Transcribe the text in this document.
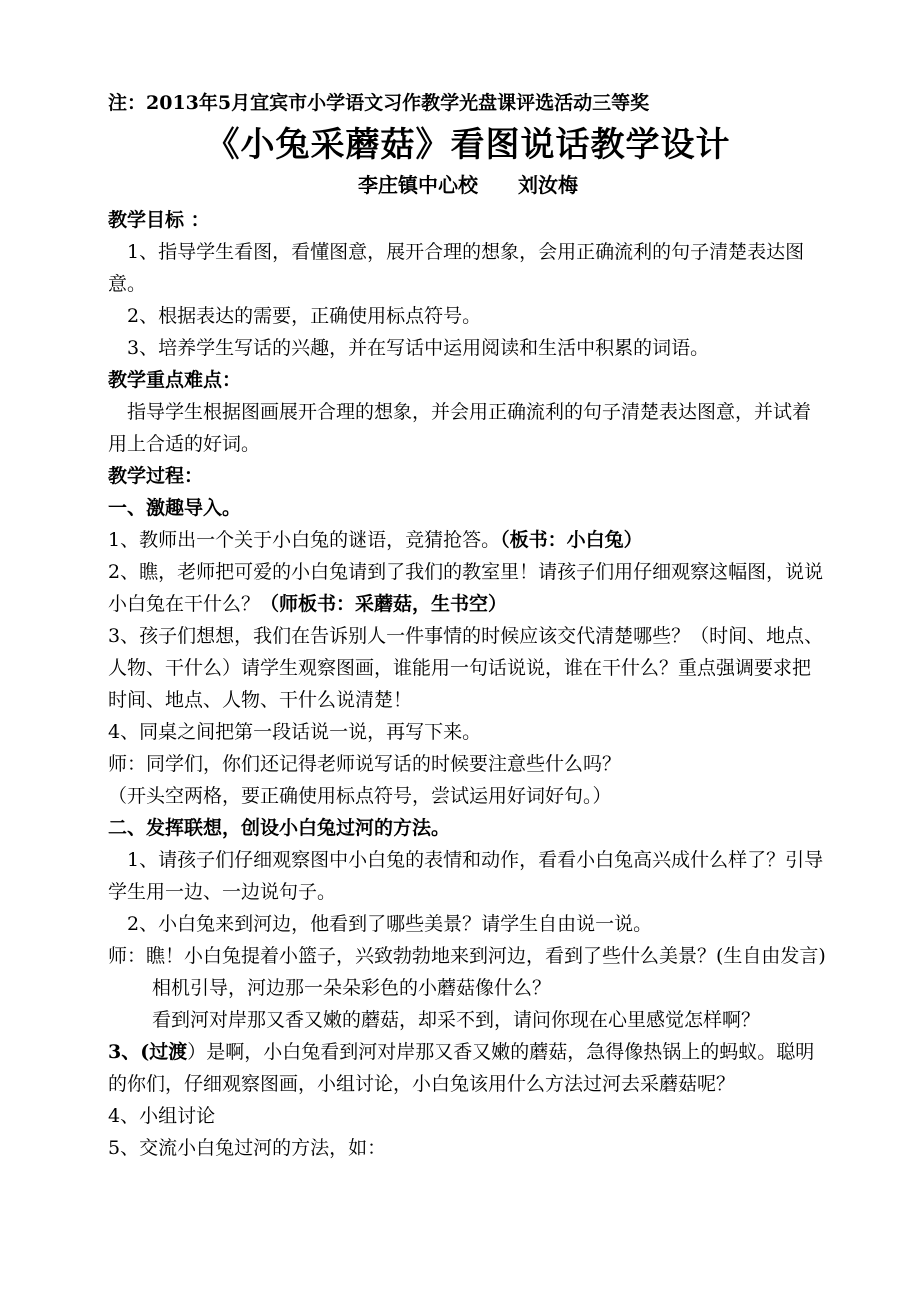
注：2013年5月宜宾市小学语文习作教学光盘课评选活动三等奖

《小兔采蘑菇》看图说话教学设计

李庄镇中心校 刘汝梅

教学目标 ：

1、指导学生看图，看懂图意，展开合理的想象，会用正确流利的句子清楚表达图意。

2、根据表达的需要，正确使用标点符号。

3、培养学生写话的兴趣，并在写话中运用阅读和生活中积累的词语。

教学重点难点：

指导学生根据图画展开合理的想象，并会用正确流利的句子清楚表达图意，并试着用上合适的好词。

教学过程：

一、激趣导入。

1、教师出一个关于小白兔的谜语，竞猜抢答。（板书：小白兔）

2、瞧，老师把可爱的小白兔请到了我们的教室里！请孩子们用仔细观察这幅图，说说小白兔在干什么？（师板书：采蘑菇，生书空）

3、孩子们想想，我们在告诉别人一件事情的时候应该交代清楚哪些？（时间、地点、人物、干什么）请学生观察图画，谁能用一句话说说，谁在干什么？重点强调要求把时间、地点、人物、干什么说清楚！

4、同桌之间把第一段话说一说，再写下来。

师：同学们，你们还记得老师说写话的时候要注意些什么吗？

（开头空两格，要正确使用标点符号，尝试运用好词好句。）

二、发挥联想，创设小白兔过河的方法。

1、请孩子们仔细观察图中小白兔的表情和动作，看看小白兔高兴成什么样了？引导学生用一边、一边说句子。

2、小白兔来到河边，他看到了哪些美景？请学生自由说一说。

师：瞧！小白兔提着小篮子，兴致勃勃地来到河边，看到了些什么美景？(生自由发言)

相机引导，河边那一朵朵彩色的小蘑菇像什么？

看到河对岸那又香又嫩的蘑菇，却采不到，请问你现在心里感觉怎样啊？

3、(过渡）是啊，小白兔看到河对岸那又香又嫩的蘑菇，急得像热锅上的蚂蚁。聪明的你们，仔细观察图画，小组讨论，小白兔该用什么方法过河去采蘑菇呢？

4、小组讨论

5、交流小白兔过河的方法，如：
